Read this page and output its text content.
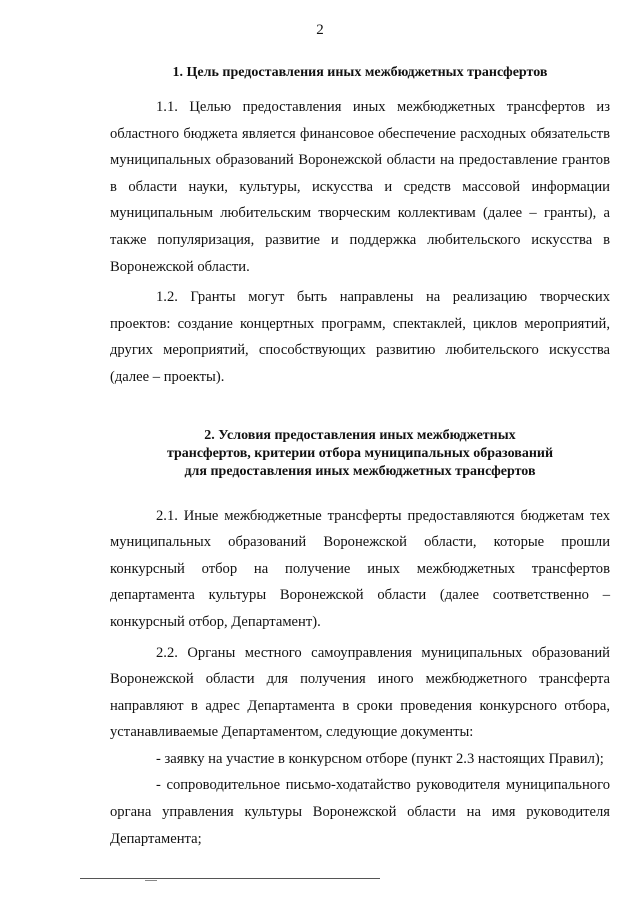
2
1. Цель предоставления иных межбюджетных трансфертов

1.1. Целью предоставления иных межбюджетных трансфертов из областного бюджета является финансовое обеспечение расходных обязательств муниципальных образований Воронежской области на предоставление грантов в области науки, культуры, искусства и средств массовой информации муниципальным любительским творческим коллективам (далее – гранты), а также популяризация, развитие и поддержка любительского искусства в Воронежской области.

1.2. Гранты могут быть направлены на реализацию творческих проектов: создание концертных программ, спектаклей, циклов мероприятий, других мероприятий, способствующих развитию любительского искусства (далее – проекты).

2. Условия предоставления иных межбюджетных
трансфертов, критерии отбора муниципальных образований
для предоставления иных межбюджетных трансфертов

2.1. Иные межбюджетные трансферты предоставляются бюджетам тех муниципальных образований Воронежской области, которые прошли конкурсный отбор на получение иных межбюджетных трансфертов департамента культуры Воронежской области (далее соответственно – конкурсный отбор, Департамент).

2.2. Органы местного самоуправления муниципальных образований Воронежской области для получения иного межбюджетного трансферта направляют в адрес Департамента в сроки проведения конкурсного отбора, устанавливаемые Департаментом, следующие документы:

- заявку на участие в конкурсном отборе (пункт 2.3 настоящих Правил);

- сопроводительное письмо-ходатайство руководителя муниципального органа управления культуры Воронежской области на имя руководителя Департамента;
